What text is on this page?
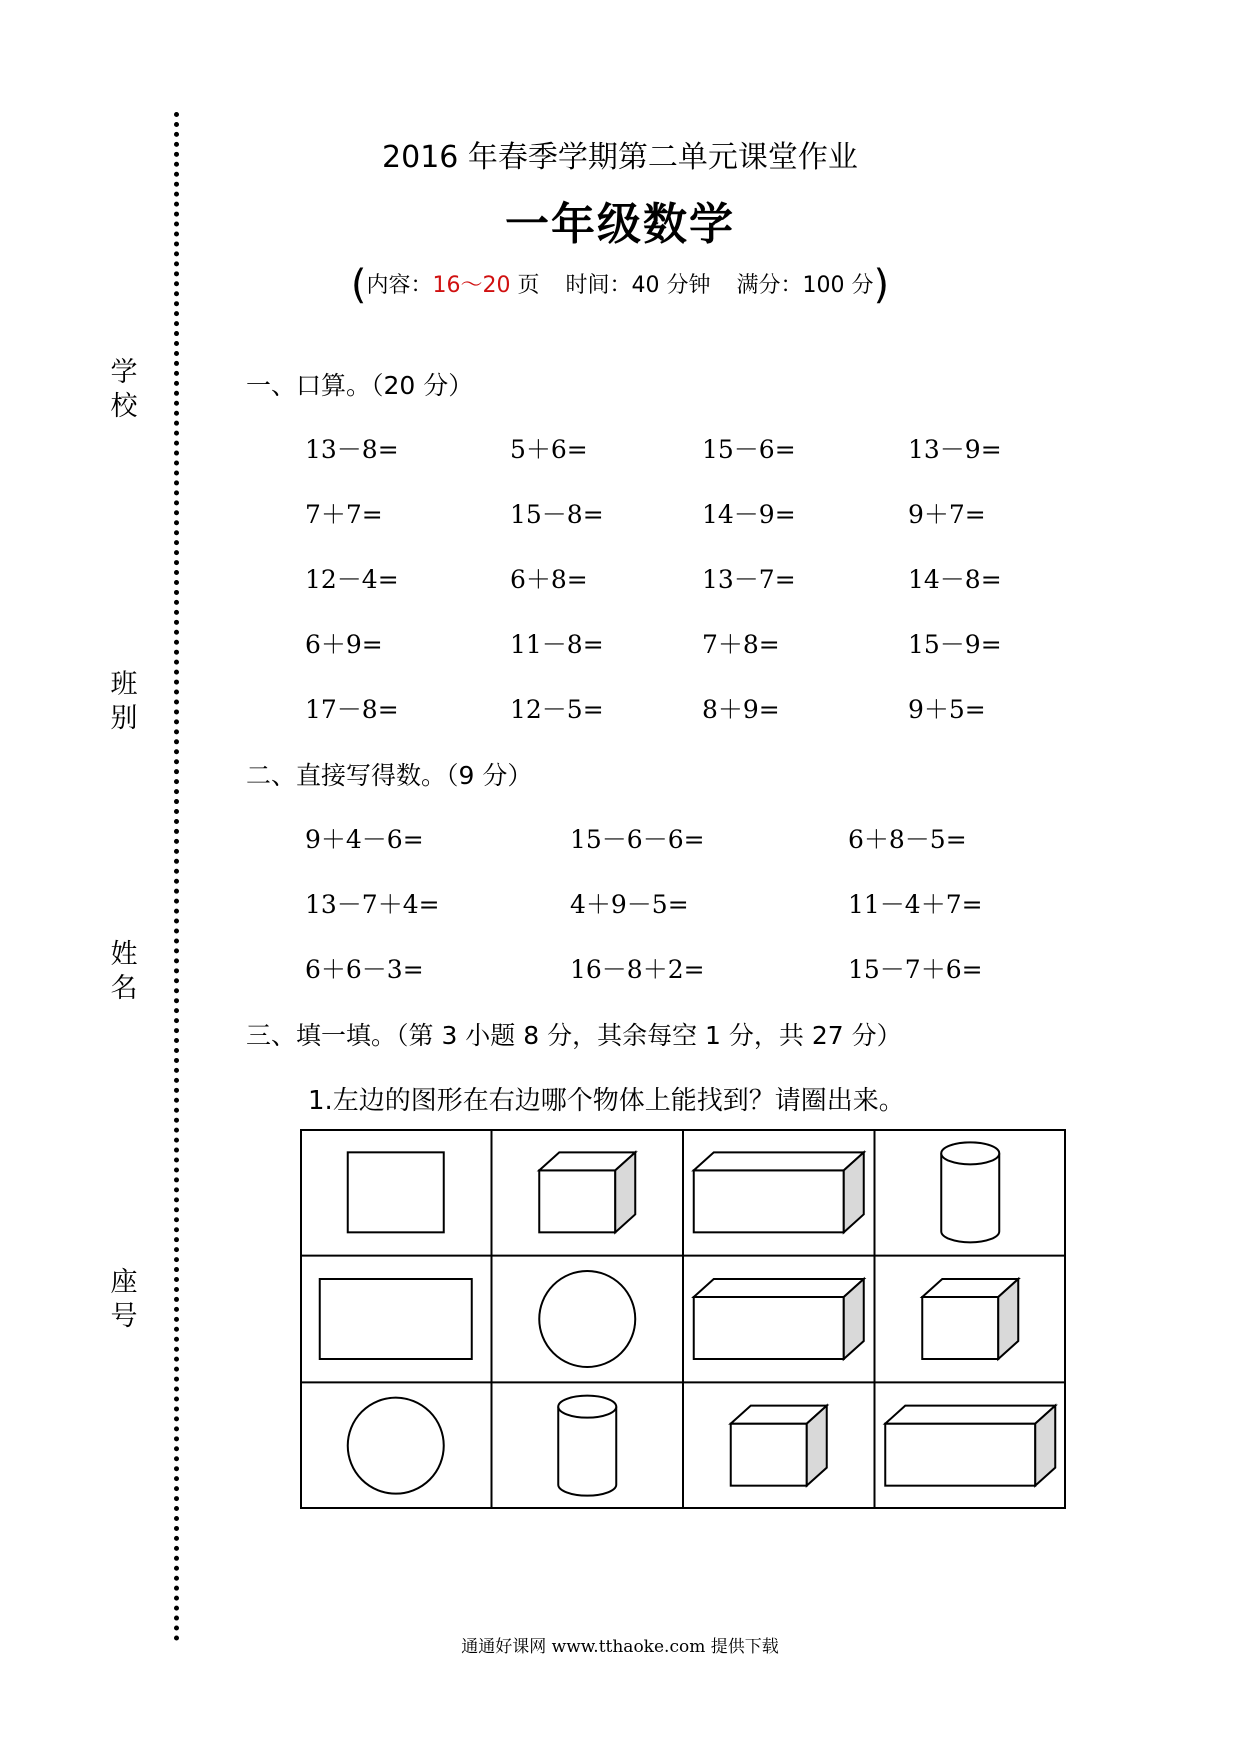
学校
班别
姓名
座号
2016 年春季学期第二单元课堂作业
一年级数学
(内容：16～20 页 时间：40 分钟 满分：100 分)
一、口算。（20 分）
13－8=	5＋6=	15－6=	13－9=
7＋7=	15－8=	14－9=	9＋7=
12－4=	6＋8=	13－7=	14－8=
6＋9=	11－8=	7＋8=	15－9=
17－8=	12－5=	8＋9=	9＋5=
二、直接写得数。（9 分）
9＋4－6=	15－6－6=	6＋8－5=
13－7＋4=	4＋9－5=	11－4＋7=
6＋6－3=	16－8＋2=	15－7＋6=
三、填一填。（第 3 小题 8 分，其余每空 1 分，共 27 分）
1.左边的图形在右边哪个物体上能找到？请圈出来。
通通好课网 www.tthaoke.com 提供下载
